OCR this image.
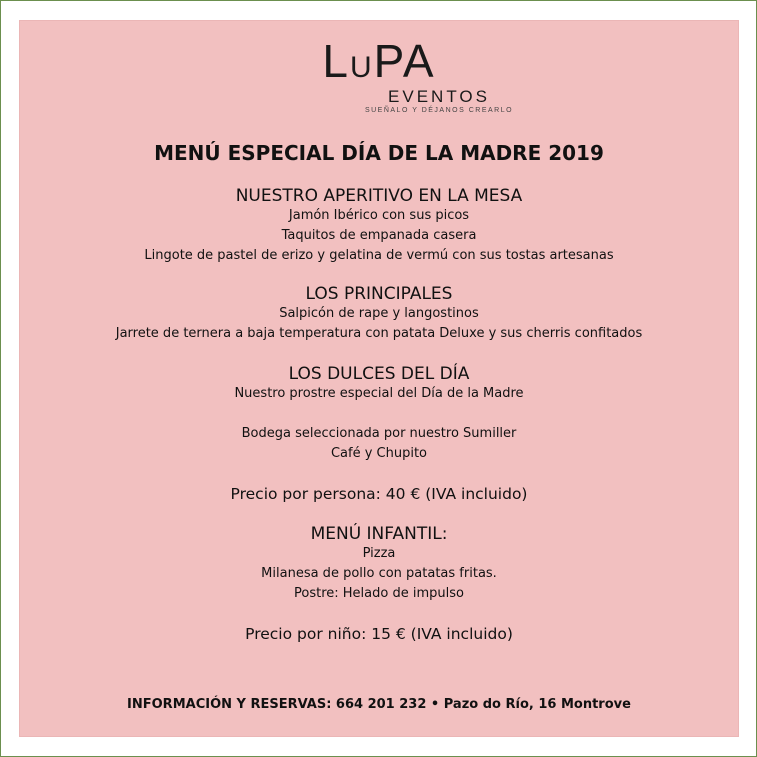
LUPA
EVENTOS
SUEÑALO Y DÉJANOS CREARLO
MENÚ ESPECIAL DÍA DE LA MADRE 2019
NUESTRO APERITIVO EN LA MESA
Jamón Ibérico con sus picos
Taquitos de empanada casera
Lingote de pastel de erizo y gelatina de vermú con sus tostas artesanas
LOS PRINCIPALES
Salpicón de rape y langostinos
Jarrete de ternera a baja temperatura con patata Deluxe y sus cherris confitados
LOS DULCES DEL DÍA
Nuestro prostre especial del Día de la Madre
Bodega seleccionada por nuestro Sumiller
Café y Chupito
Precio por persona: 40 € (IVA incluido)
MENÚ INFANTIL:
Pizza
Milanesa de pollo con patatas fritas.
Postre: Helado de impulso
Precio por niño: 15 € (IVA incluido)
INFORMACIÓN Y RESERVAS: 664 201 232 • Pazo do Río, 16 Montrove
